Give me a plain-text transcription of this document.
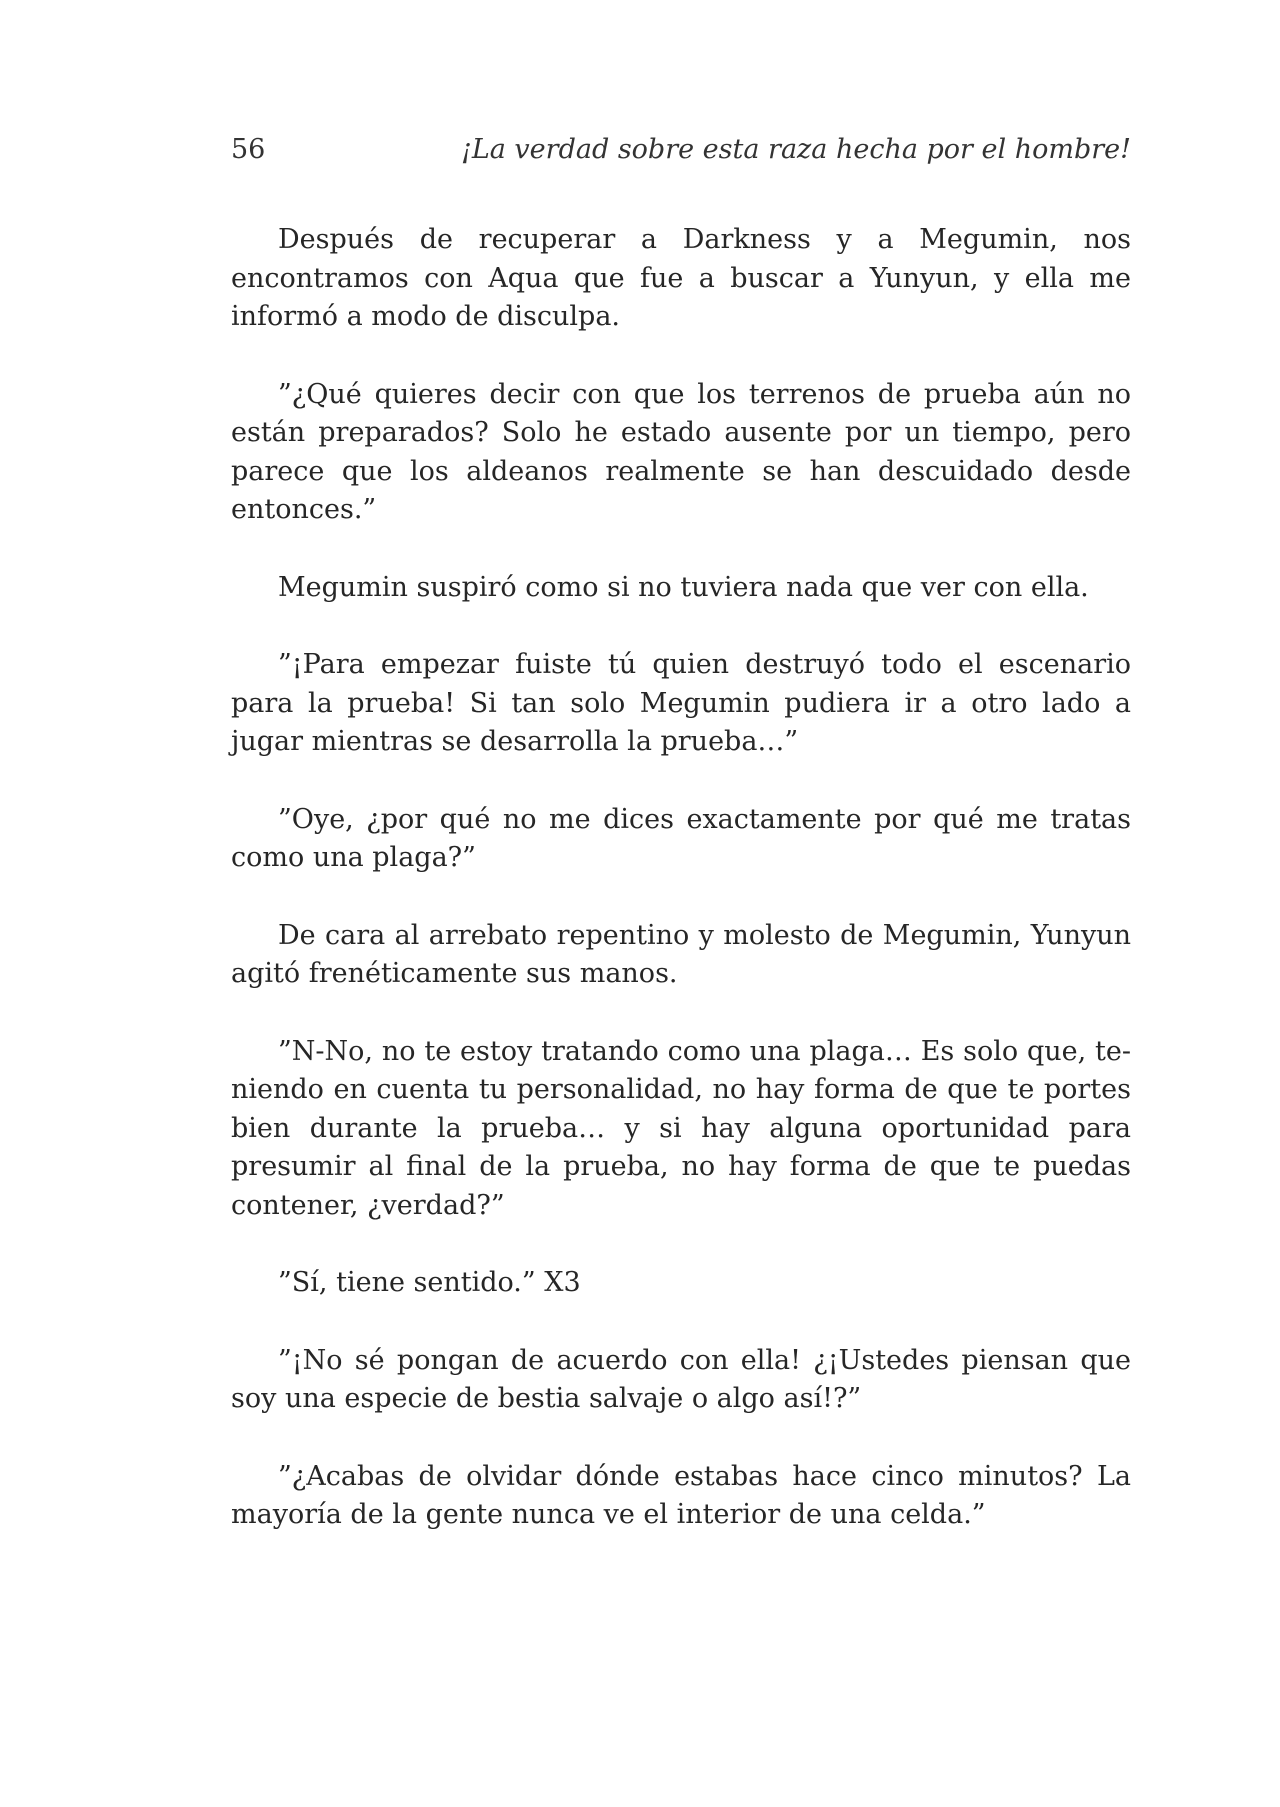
56	¡La verdad sobre esta raza hecha por el hombre!

Después de recuperar a Darkness y a Megumin, nos encontramos con Aqua que fue a buscar a Yunyun, y ella me informó a modo de disculpa.

”¿Qué quieres decir con que los terrenos de prueba aún no están preparados? Solo he estado ausente por un tiempo, pero parece que los aldeanos realmente se han descuidado desde entonces.”

Megumin suspiró como si no tuviera nada que ver con ella.

”¡Para empezar fuiste tú quien destruyó todo el escenario para la prueba! Si tan solo Megumin pudiera ir a otro lado a jugar mientras se desarrolla la prueba…”

”Oye, ¿por qué no me dices exactamente por qué me tratas como una plaga?”

De cara al arrebato repentino y molesto de Megumin, Yunyun agitó frenéticamente sus manos.

”N-No, no te estoy tratando como una plaga… Es solo que, teniendo en cuenta tu personalidad, no hay forma de que te portes bien durante la prueba… y si hay alguna oportunidad para presumir al final de la prueba, no hay forma de que te puedas contener, ¿verdad?”

”Sí, tiene sentido.” X3

”¡No sé pongan de acuerdo con ella! ¿¡Ustedes piensan que soy una especie de bestia salvaje o algo así!?”

”¿Acabas de olvidar dónde estabas hace cinco minutos? La mayoría de la gente nunca ve el interior de una celda.”
